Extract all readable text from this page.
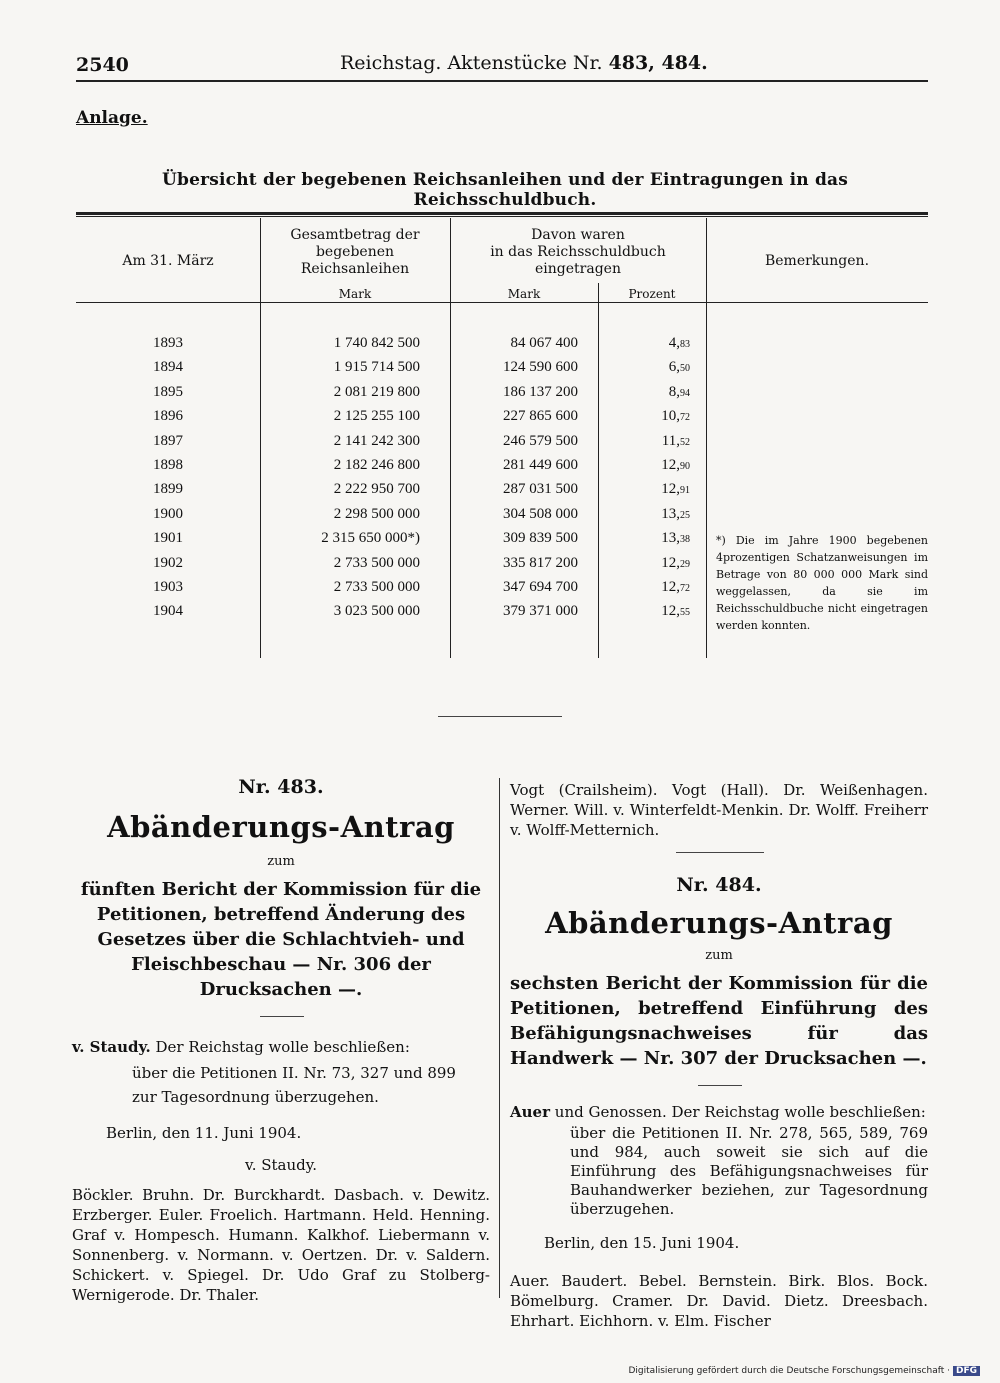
2540	Reichstag. Aktenstücke Nr. 483, 484.
Anlage.
Übersicht der begebenen Reichsanleihen und der Eintragungen in das Reichsschuldbuch.
Am 31. März
Gesamtbetrag der
begebenen
Reichsanleihen
Mark
Davon waren
in das Reichsschuldbuch
eingetragen
Mark	Prozent
Bemerkungen.
1893	1 740 842 500	84 067 400	4,83
1894	1 915 714 500	124 590 600	6,50
1895	2 081 219 800	186 137 200	8,94
1896	2 125 255 100	227 865 600	10,72
1897	2 141 242 300	246 579 500	11,52
1898	2 182 246 800	281 449 600	12,90
1899	2 222 950 700	287 031 500	12,91
1900	2 298 500 000	304 508 000	13,25
1901	2 315 650 000*)	309 839 500	13,38
1902	2 733 500 000	335 817 200	12,29
1903	2 733 500 000	347 694 700	12,72
1904	3 023 500 000	379 371 000	12,55
*) Die im Jahre 1900 begebenen 4prozentigen Schatzanweisungen im Betrage von 80 000 000 Mark sind weggelassen, da sie im Reichsschuldbuche nicht eingetragen werden konnten.
Nr. 483.
Abänderungs-Antrag
zum
fünften Bericht der Kommission für die Petitionen, betreffend Änderung des Gesetzes über die Schlachtvieh- und Fleischbeschau — Nr. 306 der Drucksachen —.
v. Staudy. Der Reichstag wolle beschließen:
über die Petitionen II. Nr. 73, 327 und 899 zur Tagesordnung überzugehen.
Berlin, den 11. Juni 1904.
v. Staudy.
Böckler. Bruhn. Dr. Burckhardt. Dasbach. v. Dewitz. Erzberger. Euler. Froelich. Hartmann. Held. Henning. Graf v. Hompesch. Humann. Kalkhof. Liebermann v. Sonnenberg. v. Normann. v. Oertzen. Dr. v. Saldern. Schickert. v. Spiegel. Dr. Udo Graf zu Stolberg-Wernigerode. Dr. Thaler.
Vogt (Crailsheim). Vogt (Hall). Dr. Weißenhagen. Werner. Will. v. Winterfeldt-Menkin. Dr. Wolff. Freiherr v. Wolff-Metternich.
Nr. 484.
Abänderungs-Antrag
zum
sechsten Bericht der Kommission für die Petitionen, betreffend Einführung des Befähigungsnachweises für das Handwerk — Nr. 307 der Drucksachen —.
Auer und Genossen. Der Reichstag wolle beschließen:
über die Petitionen II. Nr. 278, 565, 589, 769 und 984, auch soweit sie sich auf die Einführung des Befähigungsnachweises für Bauhandwerker beziehen, zur Tagesordnung überzugehen.
Berlin, den 15. Juni 1904.
Auer. Baudert. Bebel. Bernstein. Birk. Blos. Bock. Bömelburg. Cramer. Dr. David. Dietz. Dreesbach. Ehrhart. Eichhorn. v. Elm. Fischer
Digitalisierung gefördert durch die Deutsche Forschungsgemeinschaft · DFG
